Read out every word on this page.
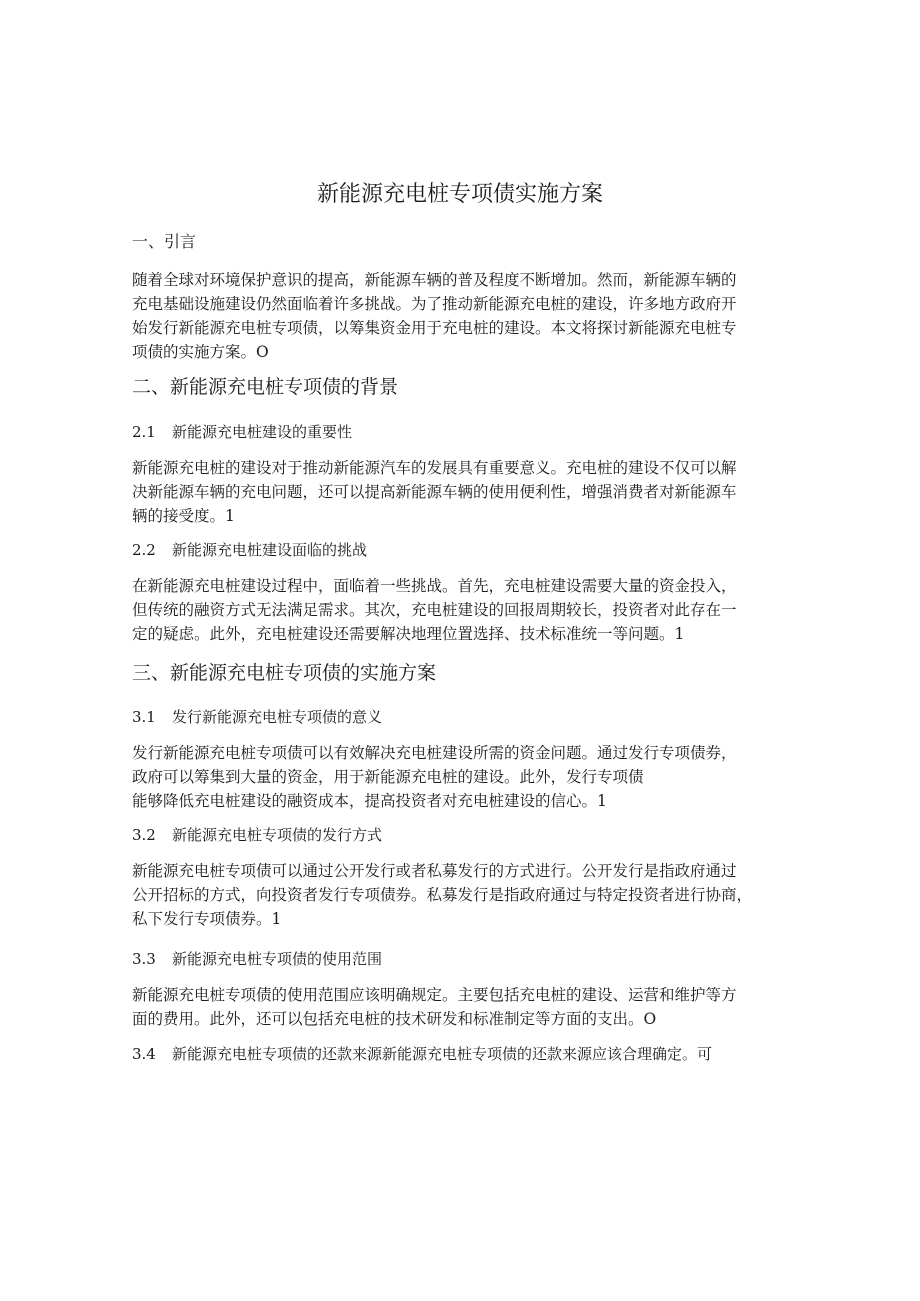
新能源充电桩专项债实施方案
一、引言
随着全球对环境保护意识的提高，新能源车辆的普及程度不断增加。然而，新能源车辆的
充电基础设施建设仍然面临着许多挑战。为了推动新能源充电桩的建设，许多地方政府开
始发行新能源充电桩专项债，以筹集资金用于充电桩的建设。本文将探讨新能源充电桩专
项债的实施方案。O
二、新能源充电桩专项债的背景
2.1 新能源充电桩建设的重要性
新能源充电桩的建设对于推动新能源汽车的发展具有重要意义。充电桩的建设不仅可以解
决新能源车辆的充电问题，还可以提高新能源车辆的使用便利性，增强消费者对新能源车
辆的接受度。1
2.2 新能源充电桩建设面临的挑战
在新能源充电桩建设过程中，面临着一些挑战。首先，充电桩建设需要大量的资金投入，
但传统的融资方式无法满足需求。其次，充电桩建设的回报周期较长，投资者对此存在一
定的疑虑。此外，充电桩建设还需要解决地理位置选择、技术标准统一等问题。1
三、新能源充电桩专项债的实施方案
3.1 发行新能源充电桩专项债的意义
发行新能源充电桩专项债可以有效解决充电桩建设所需的资金问题。通过发行专项债券，
政府可以筹集到大量的资金，用于新能源充电桩的建设。此外，发行专项债
能够降低充电桩建设的融资成本，提高投资者对充电桩建设的信心。1
3.2 新能源充电桩专项债的发行方式
新能源充电桩专项债可以通过公开发行或者私募发行的方式进行。公开发行是指政府通过
公开招标的方式，向投资者发行专项债券。私募发行是指政府通过与特定投资者进行协商，
私下发行专项债券。1
3.3 新能源充电桩专项债的使用范围
新能源充电桩专项债的使用范围应该明确规定。主要包括充电桩的建设、运营和维护等方
面的费用。此外，还可以包括充电桩的技术研发和标准制定等方面的支出。O
3.4 新能源充电桩专项债的还款来源新能源充电桩专项债的还款来源应该合理确定。可
